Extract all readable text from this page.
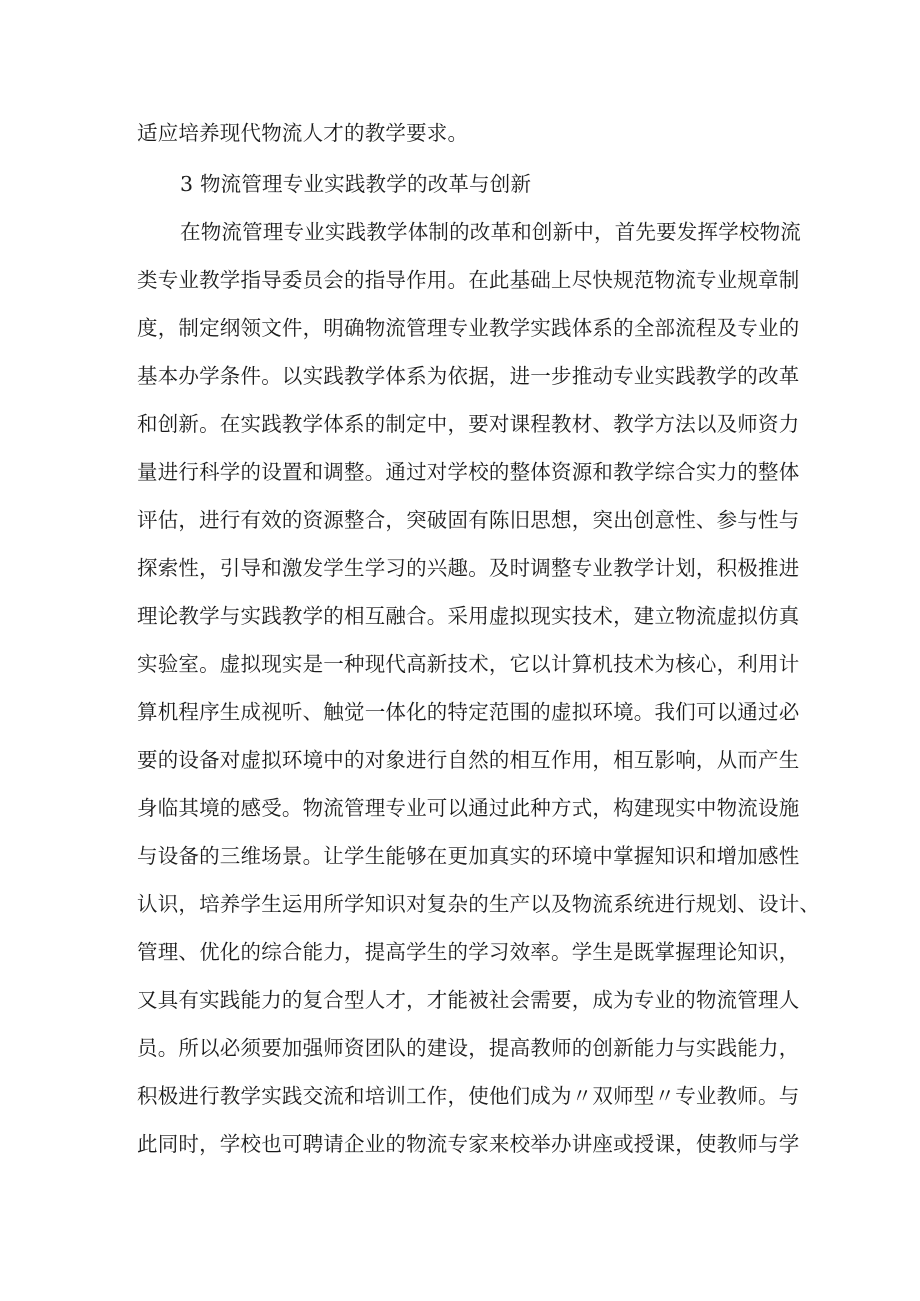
适应培养现代物流人才的教学要求。
3 物流管理专业实践教学的改革与创新
在物流管理专业实践教学体制的改革和创新中，首先要发挥学校物流
类专业教学指导委员会的指导作用。在此基础上尽快规范物流专业规章制
度，制定纲领文件，明确物流管理专业教学实践体系的全部流程及专业的
基本办学条件。以实践教学体系为依据，进一步推动专业实践教学的改革
和创新。在实践教学体系的制定中，要对课程教材、教学方法以及师资力
量进行科学的设置和调整。通过对学校的整体资源和教学综合实力的整体
评估，进行有效的资源整合，突破固有陈旧思想，突出创意性、参与性与
探索性，引导和激发学生学习的兴趣。及时调整专业教学计划，积极推进
理论教学与实践教学的相互融合。采用虚拟现实技术，建立物流虚拟仿真
实验室。虚拟现实是一种现代高新技术，它以计算机技术为核心，利用计
算机程序生成视听、触觉一体化的特定范围的虚拟环境。我们可以通过必
要的设备对虚拟环境中的对象进行自然的相互作用，相互影响，从而产生
身临其境的感受。物流管理专业可以通过此种方式，构建现实中物流设施
与设备的三维场景。让学生能够在更加真实的环境中掌握知识和增加感性
认识，培养学生运用所学知识对复杂的生产以及物流系统进行规划、设计、
管理、优化的综合能力，提高学生的学习效率。学生是既掌握理论知识，
又具有实践能力的复合型人才，才能被社会需要，成为专业的物流管理人
员。所以必须要加强师资团队的建设，提高教师的创新能力与实践能力，
积极进行教学实践交流和培训工作，使他们成为〃双师型〃专业教师。与
此同时，学校也可聘请企业的物流专家来校举办讲座或授课，使教师与学
